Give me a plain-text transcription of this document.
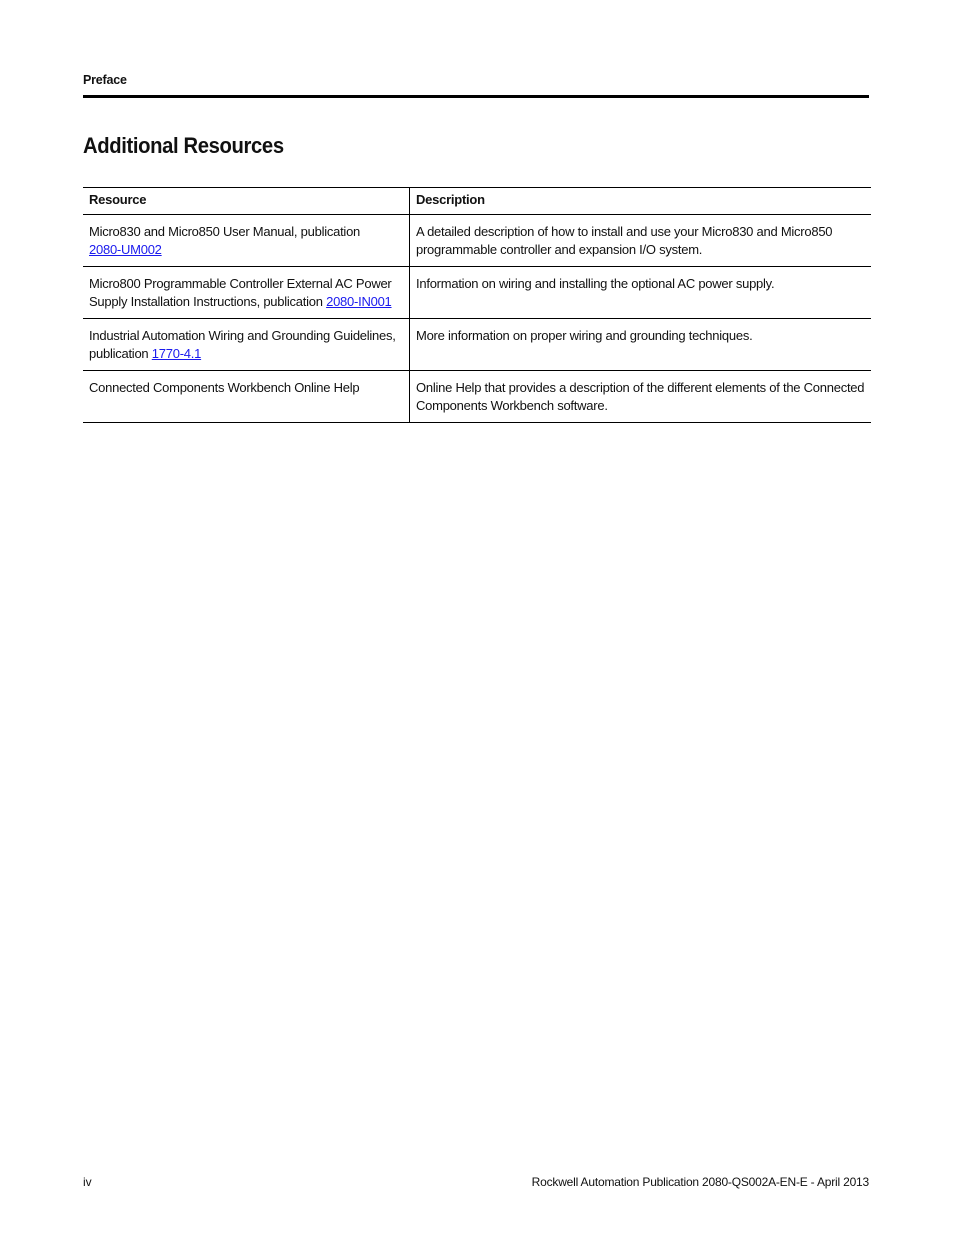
Preface
Additional Resources
Resource	Description
Micro830 and Micro850 User Manual, publication
2080-UM002	A detailed description of how to install and use your Micro830 and Micro850 programmable controller and expansion I/O system.
Micro800 Programmable Controller External AC Power Supply Installation Instructions, publication 2080-IN001	Information on wiring and installing the optional AC power supply.
Industrial Automation Wiring and Grounding Guidelines, publication 1770-4.1	More information on proper wiring and grounding techniques.
Connected Components Workbench Online Help	Online Help that provides a description of the different elements of the Connected Components Workbench software.
iv	Rockwell Automation Publication 2080-QS002A-EN-E - April 2013
